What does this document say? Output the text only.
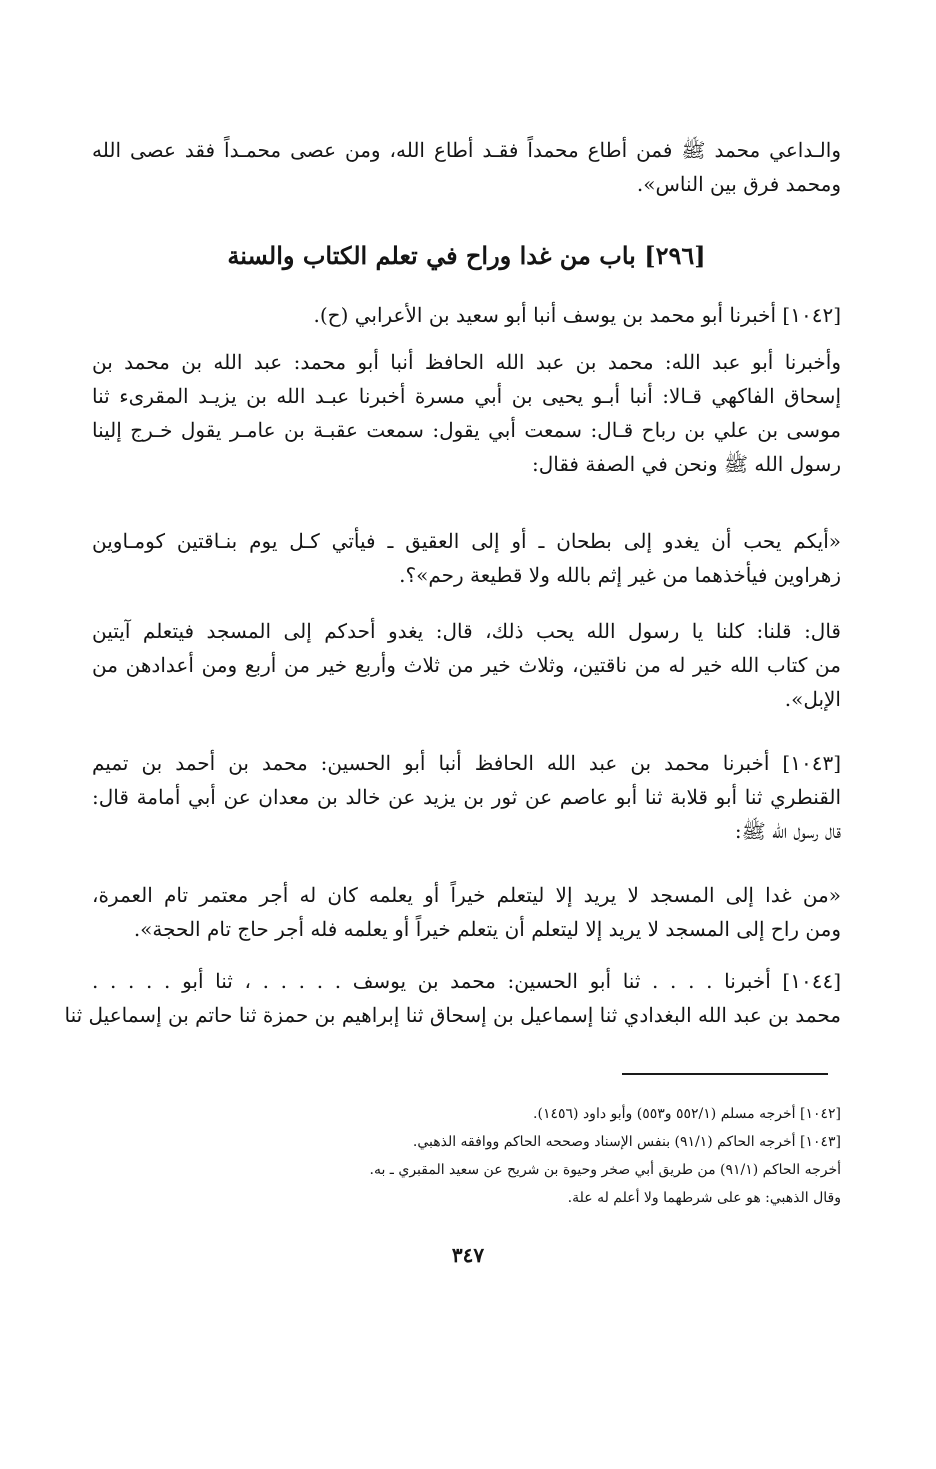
والـداعي محمد ﷺ فمن أطاع محمداً فقـد أطاع الله، ومن عصى محمـداً فقد عصى الله
ومحمد فرق بين الناس».
[٢٩٦] باب من غدا وراح في تعلم الكتاب والسنة
[١٠٤٢] أخبرنا أبو محمد بن يوسف أنبا أبو سعيد بن الأعرابي (ح).
وأخبرنا أبو عبد الله: محمد بن عبد الله الحافظ أنبا أبو محمد: عبد الله بن محمد بن
إسحاق الفاكهي قـالا: أنبا أبـو يحيى بن أبي مسرة أخبرنا عبـد الله بن يزيـد المقرىء ثنا
موسى بن علي بن رباح قـال: سمعت أبي يقول: سمعت عقبـة بن عامـر يقول خـرج إلينا
رسول الله ﷺ ونحن في الصفة فقال:
«أيكم يحب أن يغدو إلى بطحان ـ أو إلى العقيق ـ فيأتي كـل يوم بنـاقتين كومـاوين
زهراوين فيأخذهما من غير إثم بالله ولا قطيعة رحم»؟.
قال: قلنا: كلنا يا رسول الله يحب ذلك، قال: يغدو أحدكم إلى المسجد فيتعلم آيتين
من كتاب الله خير له من ناقتين، وثلاث خير من ثلاث وأربع خير من أربع ومن أعدادهن من
الإبل».
[١٠٤٣] أخبرنا محمد بن عبد الله الحافظ أنبا أبو الحسين: محمد بن أحمد بن تميم
القنطري ثنا أبو قلابة ثنا أبو عاصم عن ثور بن يزيد عن خالد بن معدان عن أبي أمامة قال:
قال رسول الله ﷺ:
«من غدا إلى المسجد لا يريد إلا ليتعلم خيراً أو يعلمه كان له أجر معتمر تام العمرة،
ومن راح إلى المسجد لا يريد إلا ليتعلم أن يتعلم خيراً أو يعلمه فله أجر حاج تام الحجة».
[١٠٤٤] أخبرنا . . . . ثنا أبو الحسين: محمد بن يوسف . . . . . ، ثنا أبو . . . . .
محمد بن عبد الله البغدادي ثنا إسماعيل بن إسحاق ثنا إبراهيم بن حمزة ثنا حاتم بن إسماعيل ثنا
[١٠٤٢] أخرجه مسلم (٥٥٢/١ و٥٥٣) وأبو داود (١٤٥٦).
[١٠٤٣] أخرجه الحاكم (٩١/١) بنفس الإسناد وصححه الحاكم ووافقه الذهبي.
أخرجه الحاكم (٩١/١) من طريق أبي صخر وحيوة بن شريح عن سعيد المقبري ـ به.
وقال الذهبي: هو على شرطهما ولا أعلم له علة.
٣٤٧
